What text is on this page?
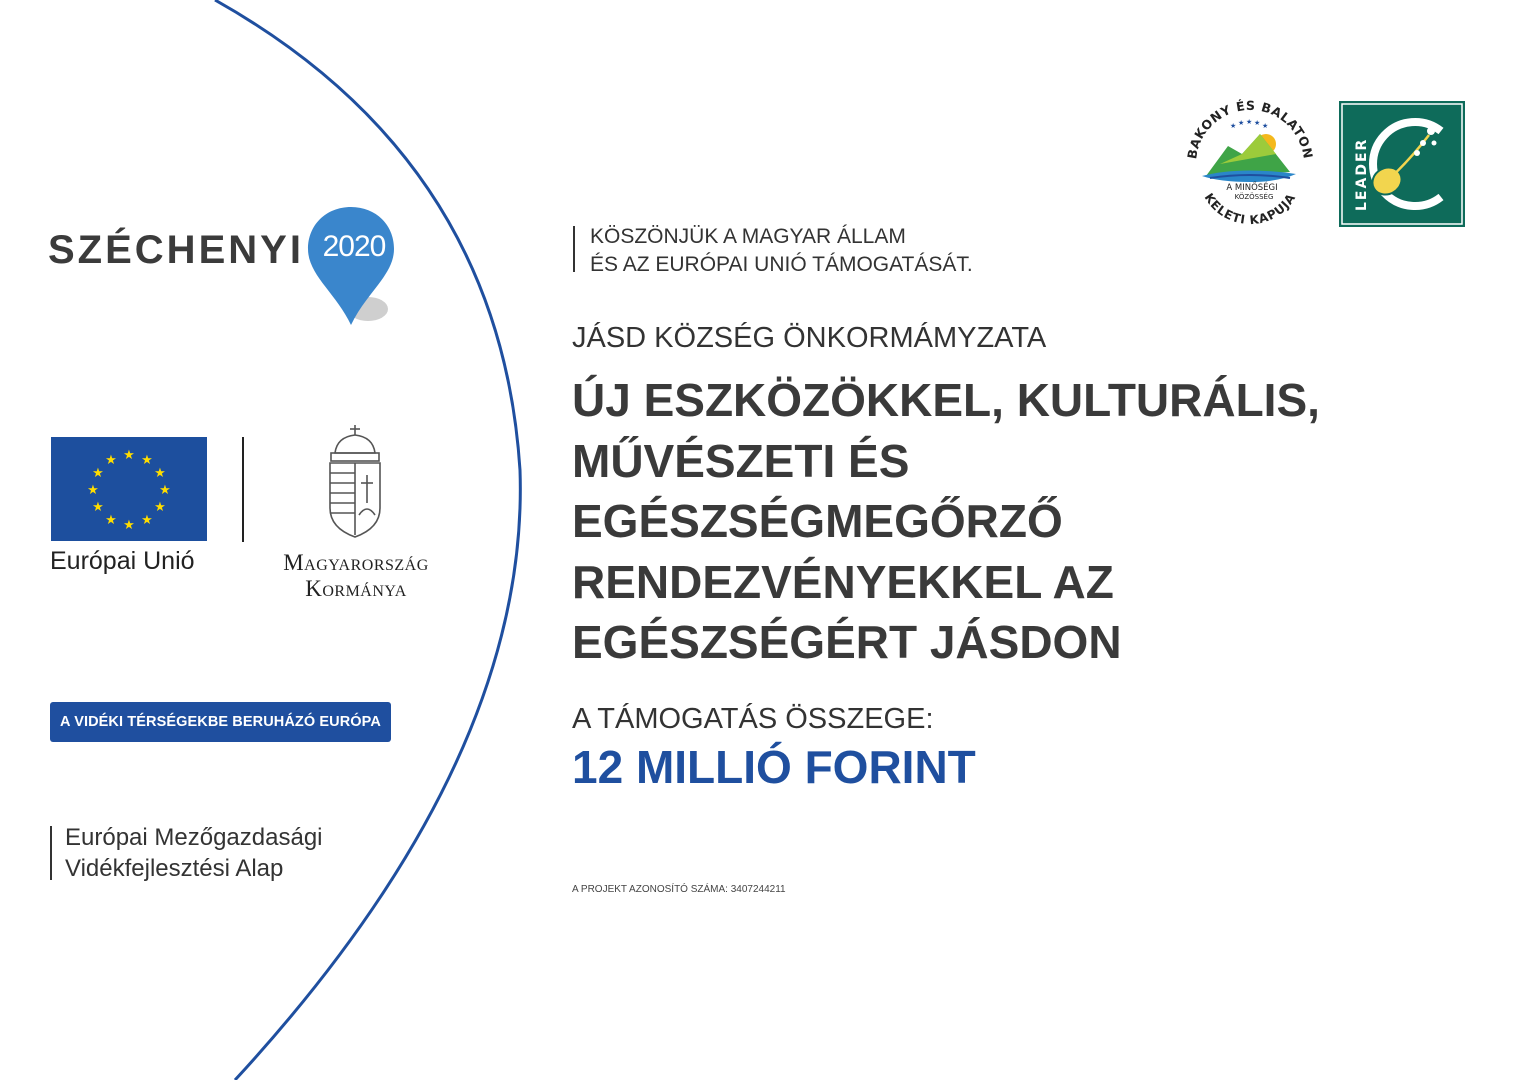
SZÉCHENYI 2020
★ ★
★
★
★
★
★
★
★
★
★
★
Európai Unió	Magyarország
Kormánya
A VIDÉKI TÉRSÉGEKBE BERUHÁZÓ EURÓPA
Európai Mezőgazdasági
Vidékfejlesztési Alap
KÖSZÖNJÜK A MAGYAR ÁLLAM
ÉS AZ EURÓPAI UNIÓ TÁMOGATÁSÁT.
JÁSD KÖZSÉG ÖNKORMÁMYZATA
ÚJ ESZKÖZÖKKEL, KULTURÁLIS,
MŰVÉSZETI ÉS
EGÉSZSÉGMEGŐRZŐ
RENDEZVÉNYEKKEL AZ
EGÉSZSÉGÉRT JÁSDON
A TÁMOGATÁS ÖSSZEGE:
12 MILLIÓ FORINT
A PROJEKT AZONOSÍTÓ SZÁMA: 3407244211
BAKONY ÉS BALATON
★ ★ ★ ★ ★
A MINŐSÉGI
KÖZÖSSÉG
KELETI KAPUJA	LEADER
